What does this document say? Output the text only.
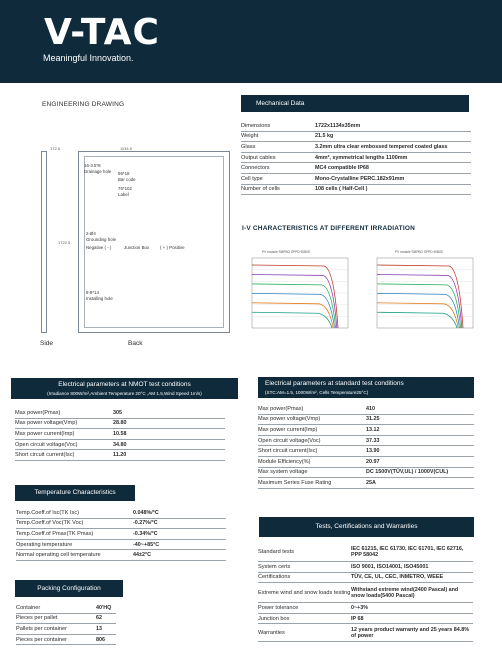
V-TAC
Meaningful Innovation.
ENGINEERING DRAWING
1134.5
172.5
1722.5
16-3.5*8
Drainage hole 56*18
Bar code
76*102
Label
2-Ø4
Grounding hole
Negative ( - )	Junction Box ( + ) Positive
8-9*14
Installing hole
Side	Back
Mechanical Data
Dimensions	1722x1134x35mm
Weight	21.5 kg
Glass	3.2mm ultra clear embossed tempered coated glass
Output cables	4mm², symmetrical lengths 1100mm
Connectors	MC4 compatible IP68
Cell type	Mono-Crystalline PERC.182x91mm
Number of cells	108 cells ( Half-Cell )
I-V CHARACTERISTICS AT DIFFERENT IRRADIATION
PV module SMPBO SPPD 90B0S	PV module SMPBO SPPD 90B0S
Electrical parameters at NMOT test conditions
(Irradiance 800W/m²,Ambient Temperature 20°C ,AM 1.5,Wind Speed 1m/s)
Max power(Pmax)	305
Max power voltage(Vmp)	28.80
Max power current(Imp)	10.58
Open circuit voltage(Voc)	34.80
Short circuit current(Isc)	11.20
Electrical parameters at standard test conditions
(STC:AM=1.5, 1000W/m², Cells Temperature25°C)
Max power(Pmax)	410
Max power voltage(Vmp)	31.25
Max power current(Imp)	13.12
Open circuit voltage(Voc)	37.33
Short circuit current(Isc)	13.90
Module Efficiency(%)	20.97
Max system voltage	DC 1500V(TÜV,UL) / 1000V(CUL)
Maximum Series Fuse Rating	25A
Temperature Characteristics
Temp.Coeff.of Isc(TK Isc)	0.048%/°C
Temp.Coeff.of Voc(TK Voc)	-0.27%/°C
Temp.Coeff.of Pmax(TK Pmax)	-0.34%/°C
Operating temperature	-40~+85°C
Normal operating cell temperature	44±2°C
Tests, Certifications and Warranties
Standard tests	IEC 61215, IEC 61730, IEC 61701, IEC 62716, PPP 58042
System certs	ISO 9001, ISO14001, ISO45001
Certifications	TÜV, CE, UL, CEC, INMETRO, WEEE
Extreme wind and snow loads testing	Withstand extreme wind(2400 Pascal) and snow loads(5400 Pascal)
Power tolerance	0~+3%
Junction box	IP 68
Warranties	12 years product warranty and 25 years 84.8% of power
Packing Configuration
Container	40'HQ
Pieces per pallet	62
Pallets per container	13
Pieces per container	806
